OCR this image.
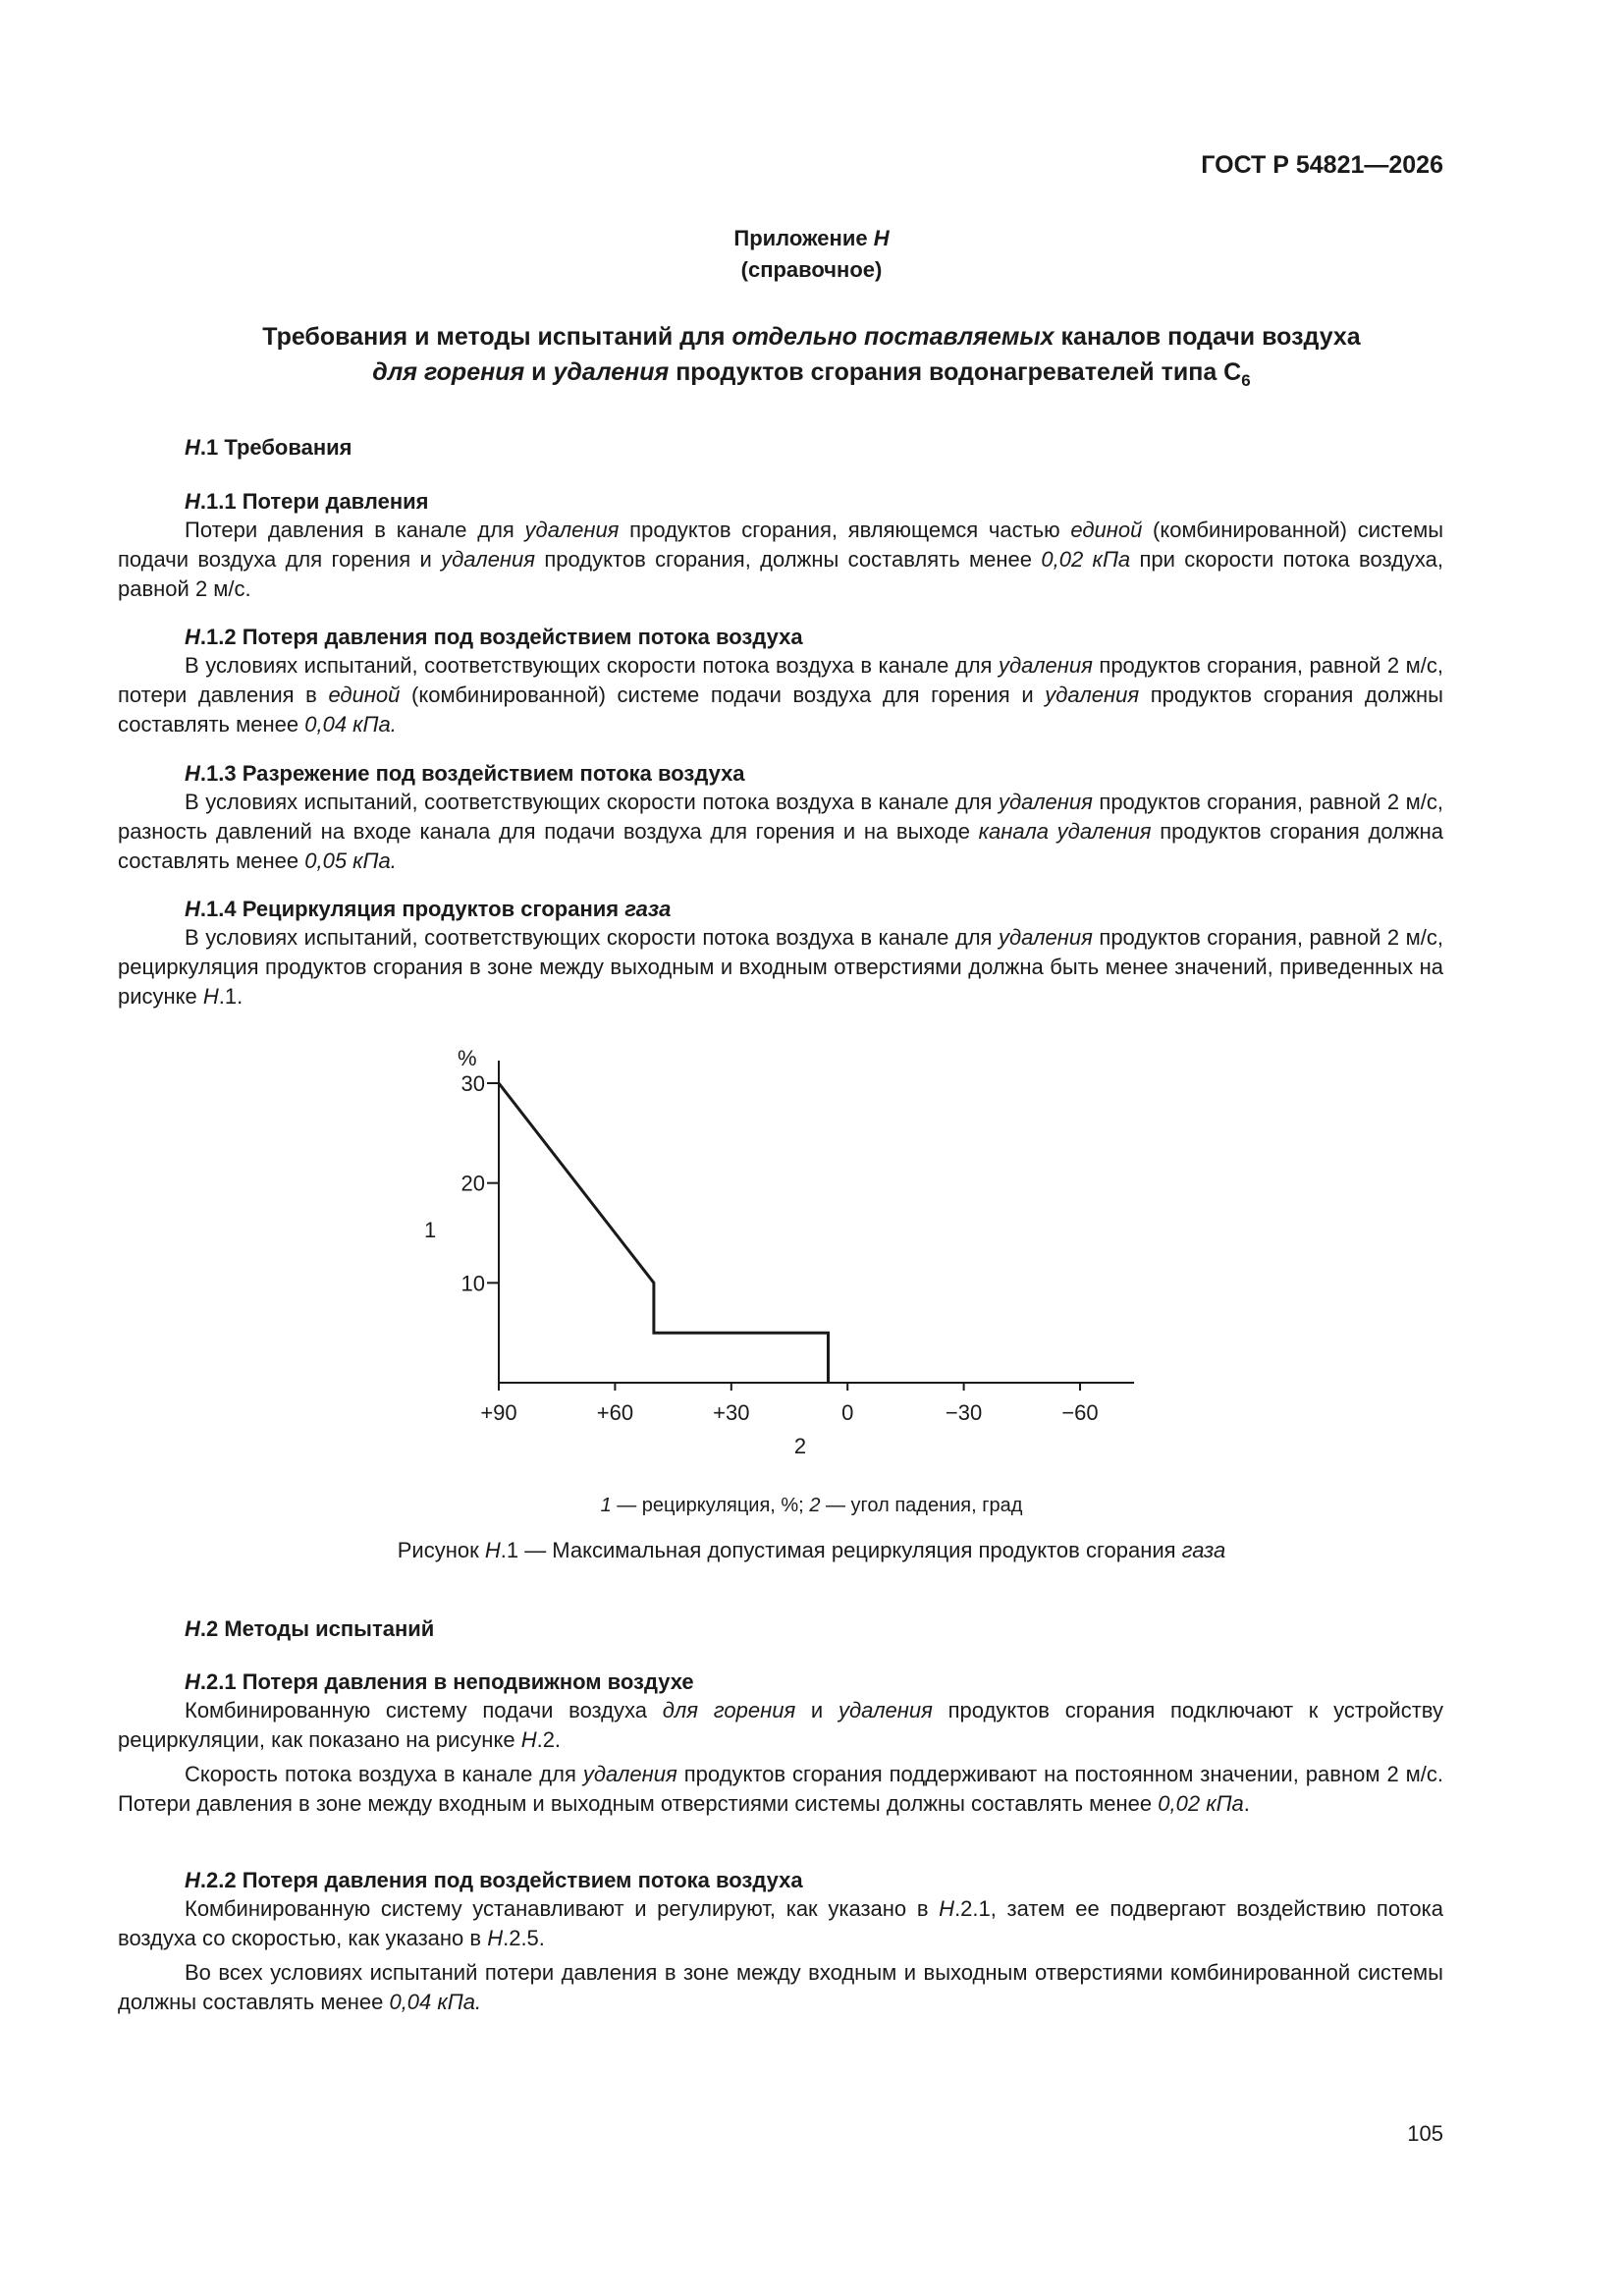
ГОСТ Р 54821—2026
Приложение Н
(справочное)
Требования и методы испытаний для отдельно поставляемых каналов подачи воздуха
для горения и удаления продуктов сгорания водонагревателей типа $С_6$
Н.1 Требования
Н.1.1 Потери давления
Потери давления в канале для удаления продуктов сгорания, являющемся частью единой (комбинированной) системы подачи воздуха для горения и удаления продуктов сгорания, должны составлять менее 0,02 кПа при скорости потока воздуха, равной 2 м/с.
Н.1.2 Потеря давления под воздействием потока воздуха
В условиях испытаний, соответствующих скорости потока воздуха в канале для удаления продуктов сгорания, равной 2 м/с, потери давления в единой (комбинированной) системе подачи воздуха для горения и удаления продуктов сгорания должны составлять менее 0,04 кПа.
Н.1.3 Разрежение под воздействием потока воздуха
В условиях испытаний, соответствующих скорости потока воздуха в канале для удаления продуктов сгорания, равной 2 м/с, разность давлений на входе канала для подачи воздуха для горения и на выходе канала удаления продуктов сгорания должна составлять менее 0,05 кПа.
Н.1.4 Рециркуляция продуктов сгорания газа
В условиях испытаний, соответствующих скорости потока воздуха в канале для удаления продуктов сгорания, равной 2 м/с, рециркуляция продуктов сгорания в зоне между выходным и входным отверстиями должна быть менее значений, приведенных на рисунке Н.1.
%
1
2
10
20
30
+90	+60	+30	0	−30	−60
1 — рециркуляция, %; 2 — угол падения, град
Рисунок Н.1 — Максимальная допустимая рециркуляция продуктов сгорания газа
Н.2 Методы испытаний
Н.2.1 Потеря давления в неподвижном воздухе
Комбинированную систему подачи воздуха для горения и удаления продуктов сгорания подключают к устройству рециркуляции, как показано на рисунке Н.2.
Скорость потока воздуха в канале для удаления продуктов сгорания поддерживают на постоянном значении, равном 2 м/с. Потери давления в зоне между входным и выходным отверстиями системы должны составлять менее 0,02 кПа.
Н.2.2 Потеря давления под воздействием потока воздуха
Комбинированную систему устанавливают и регулируют, как указано в Н.2.1, затем ее подвергают воздействию потока воздуха со скоростью, как указано в Н.2.5.
Во всех условиях испытаний потери давления в зоне между входным и выходным отверстиями комбинированной системы должны составлять менее 0,04 кПа.
105
